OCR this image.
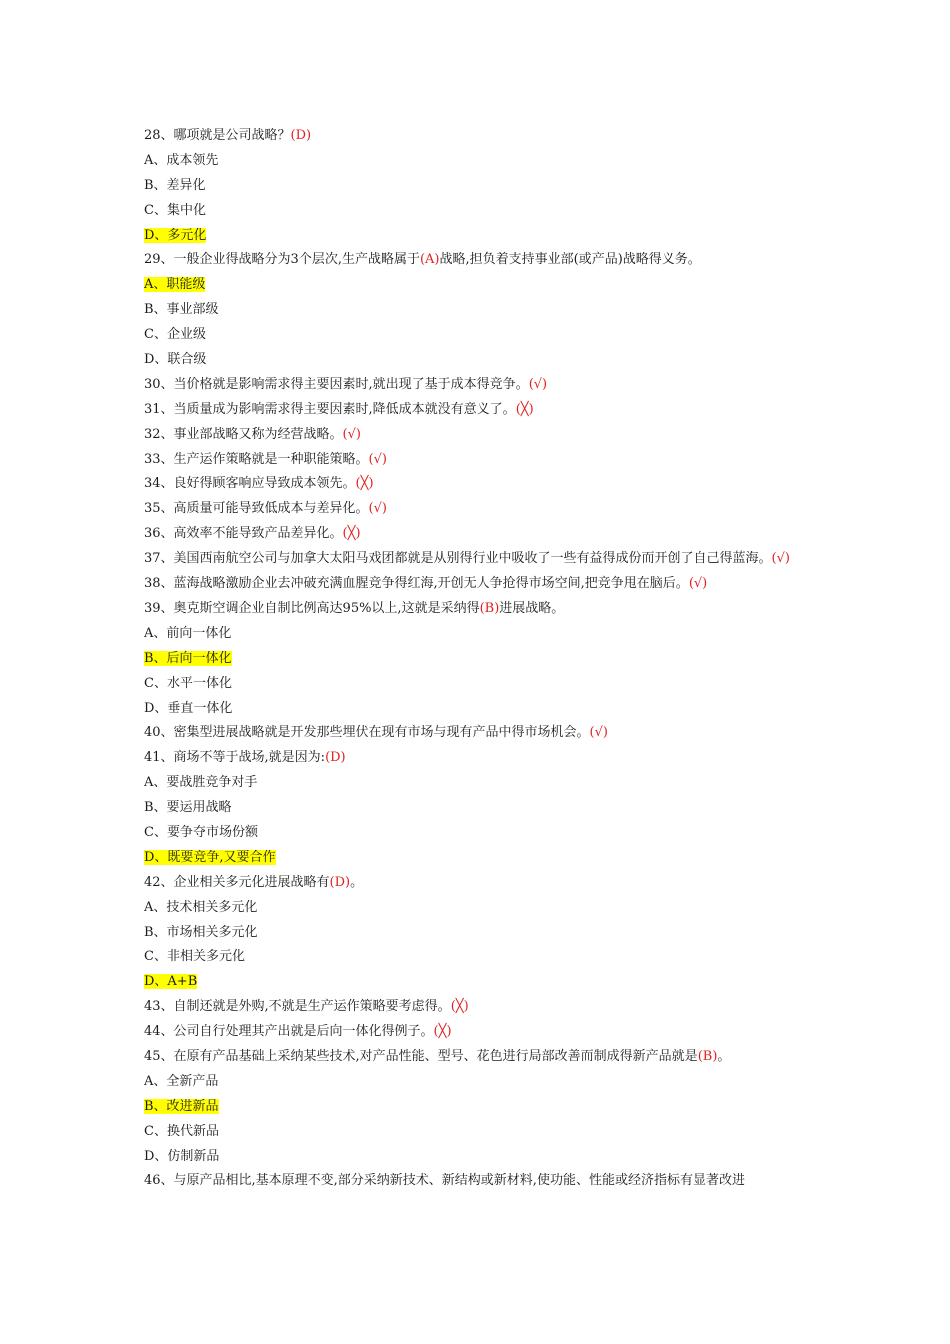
28、哪项就是公司战略？(D)
A、成本领先
B、差异化
C、集中化
D、多元化
29、一般企业得战略分为3个层次,生产战略属于(A)战略,担负着支持事业部(或产品)战略得义务。
A、职能级
B、事业部级
C、企业级
D、联合级
30、当价格就是影响需求得主要因素时,就出现了基于成本得竞争。(√)
31、当质量成为影响需求得主要因素时,降低成本就没有意义了。(╳)
32、事业部战略又称为经营战略。(√)
33、生产运作策略就是一种职能策略。(√)
34、良好得顾客响应导致成本领先。(╳)
35、高质量可能导致低成本与差异化。(√)
36、高效率不能导致产品差异化。(╳)
37、美国西南航空公司与加拿大太阳马戏团都就是从别得行业中吸收了一些有益得成份而开创了自己得蓝海。(√)
38、蓝海战略激励企业去冲破充满血腥竞争得红海,开创无人争抢得市场空间,把竞争甩在脑后。(√)
39、奥克斯空调企业自制比例高达95%以上,这就是采纳得(B)进展战略。
A、前向一体化
B、后向一体化
C、水平一体化
D、垂直一体化
40、密集型进展战略就是开发那些埋伏在现有市场与现有产品中得市场机会。(√)
41、商场不等于战场,就是因为:(D)
A、要战胜竞争对手
B、要运用战略
C、要争夺市场份额
D、既要竞争,又要合作
42、企业相关多元化进展战略有(D)。
A、技术相关多元化
B、市场相关多元化
C、非相关多元化
D、A+B
43、自制还就是外购,不就是生产运作策略要考虑得。(╳)
44、公司自行处理其产出就是后向一体化得例子。(╳)
45、在原有产品基础上采纳某些技术,对产品性能、型号、花色进行局部改善而制成得新产品就是(B)。
A、全新产品
B、改进新品
C、换代新品
D、仿制新品
46、与原产品相比,基本原理不变,部分采纳新技术、新结构或新材料,使功能、性能或经济指标有显著改进
